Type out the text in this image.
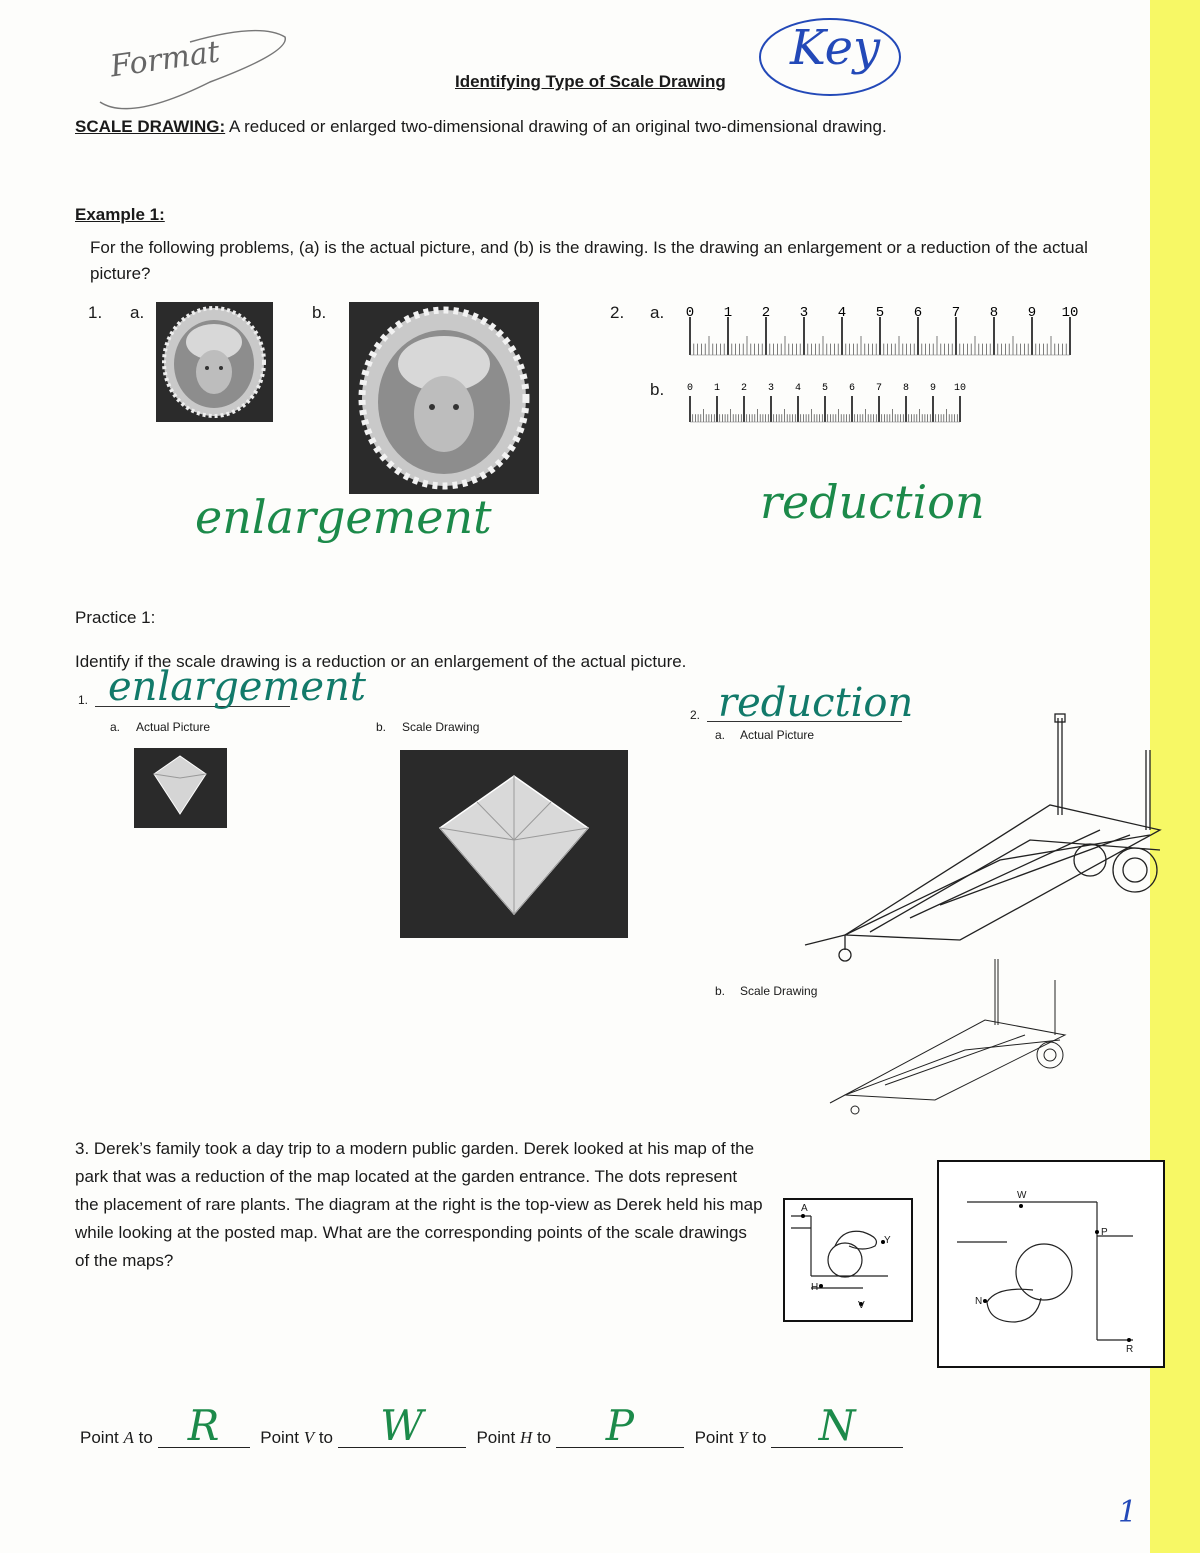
Format	Identifying Type of Scale Drawing
Key
SCALE DRAWING: A reduced or enlarged two-dimensional drawing of an original two-dimensional drawing.
Example 1:
For the following problems, (a) is the actual picture, and (b) is the drawing. Is the drawing an enlargement or a reduction of the actual picture?
1. a.	b.	2. a.
b.
0 1 2 3 4 5 6 7 8 9 10
0 1 2 3 4 5 6 7 8 9 10
enlargement	reduction
Practice 1:
Identify if the scale drawing is a reduction or an enlargement of the actual picture.
1. enlargement
a. Actual Picture	b. Scale Drawing
2. reduction
a. Actual Picture
b. Scale Drawing
3. Derek’s family took a day trip to a modern public garden. Derek looked at his map of the park that was a reduction of the map located at the garden entrance. The dots represent the placement of rare plants. The diagram at the right is the top-view as Derek held his map while looking at the posted map. What are the corresponding points of the scale drawings of the maps?
A
Y
H
V
W
P
N
R
Point A to R	Point V to	W	Point H to	P	Point Y to	N
1
